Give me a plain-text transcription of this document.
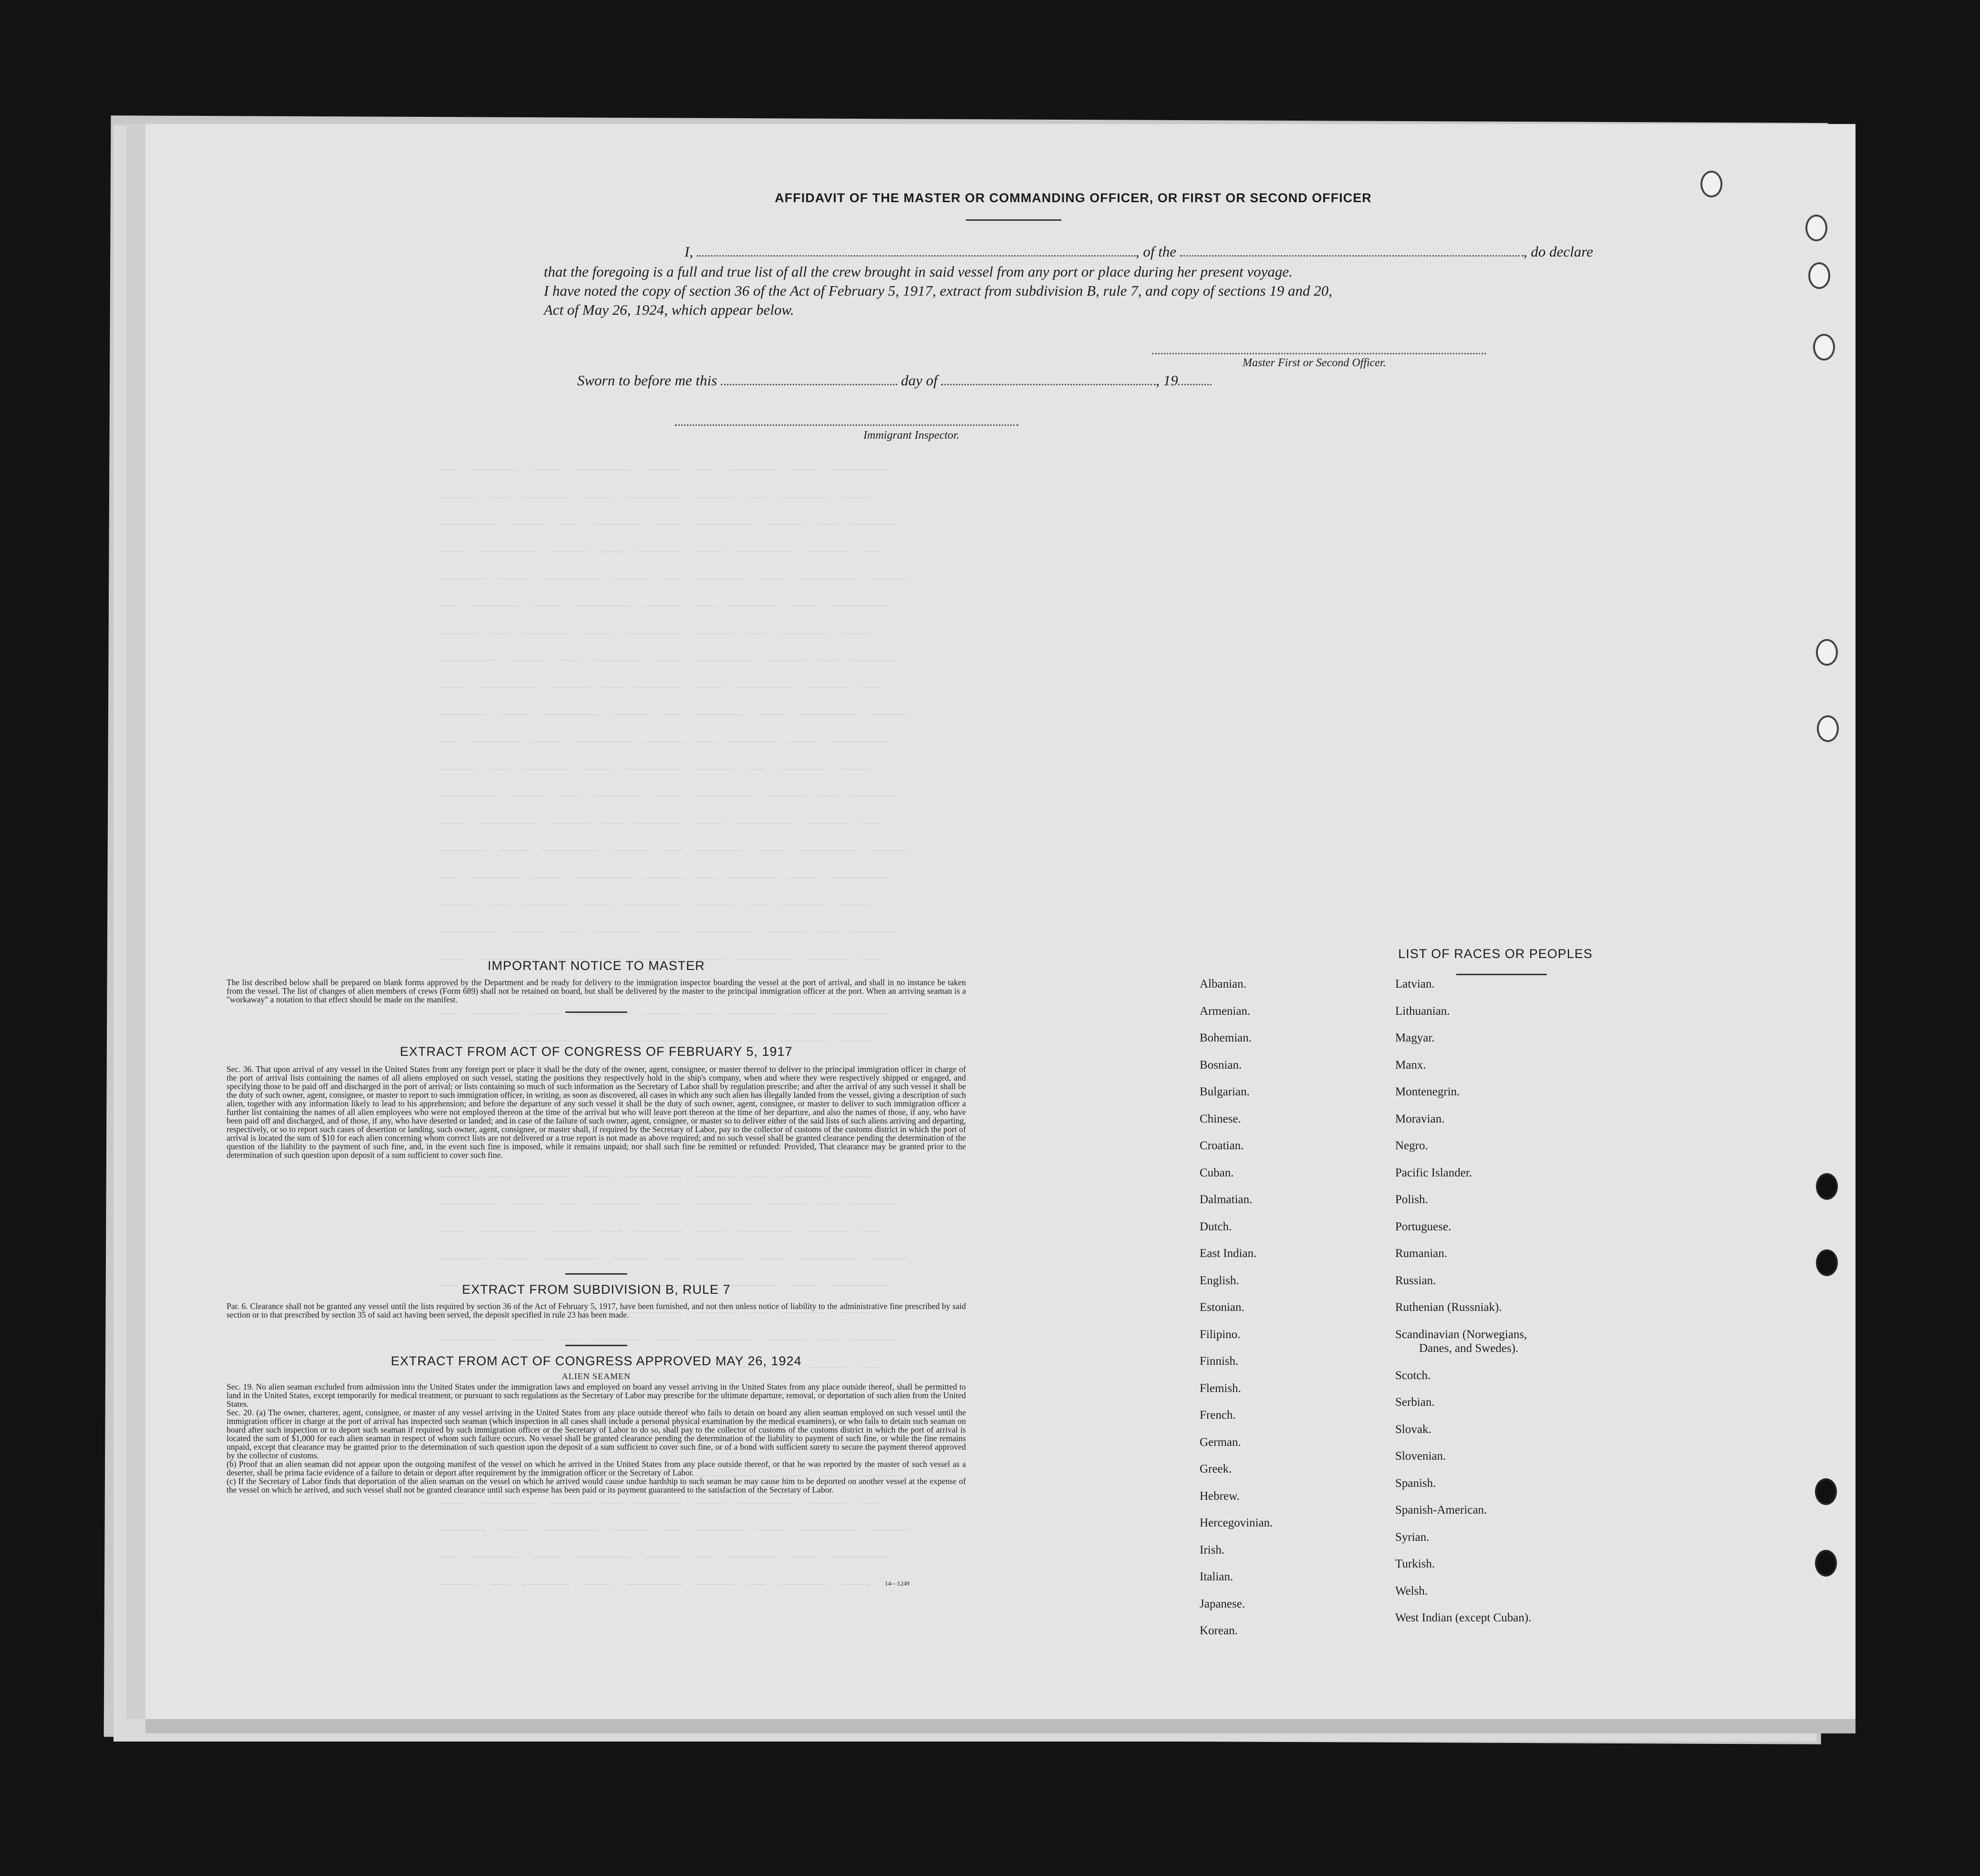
AFFIDAVIT OF THE MASTER OR COMMANDING OFFICER, OR FIRST OR SECOND OFFICER
I,	, of the	, do declare
that the foregoing is a full and true list of all the crew brought in said vessel from any port or place during her present voyage.
I have noted the copy of section 36 of the Act of February 5, 1917, extract from subdivision B, rule 7, and copy of sections 19 and 20,
Act of May 26, 1924, which appear below.
Master First or Second Officer.
Sworn to before me this	day of	, 19
Immigrant Inspector.
IMPORTANT NOTICE TO MASTER

The list described below shall be prepared on blank forms approved by the Department and be ready for delivery to the immigration inspector boarding the vessel at the port of arrival, and shall in no instance be taken from the vessel. The list of changes of alien members of crews (Form 689) shall not be retained on board, but shall be delivered by the master to the principal immigration officer at the port. When an arriving seaman is a "workaway" a notation to that effect should be made on the manifest.

EXTRACT FROM ACT OF CONGRESS OF FEBRUARY 5, 1917

Sec. 36. That upon arrival of any vessel in the United States from any foreign port or place it shall be the duty of the owner, agent, consignee, or master thereof to deliver to the principal immigration officer in charge of the port of arrival lists containing the names of all aliens employed on such vessel, stating the positions they respectively hold in the ship's company, when and where they were respectively shipped or engaged, and specifying those to be paid off and discharged in the port of arrival; or lists containing so much of such information as the Secretary of Labor shall by regulation prescribe; and after the arrival of any such vessel it shall be the duty of such owner, agent, consignee, or master to report to such immigration officer, in writing, as soon as discovered, all cases in which any such alien has illegally landed from the vessel, giving a description of such alien, together with any information likely to lead to his apprehension; and before the departure of any such vessel it shall be the duty of such owner, agent, consignee, or master to deliver to such immigration officer a further list containing the names of all alien employees who were not employed thereon at the time of the arrival but who will leave port thereon at the time of her departure, and also the names of those, if any, who have been paid off and discharged, and of those, if any, who have deserted or landed; and in case of the failure of such owner, agent, consignee, or master so to deliver either of the said lists of such aliens arriving and departing, respectively, or so to report such cases of desertion or landing, such owner, agent, consignee, or master shall, if required by the Secretary of Labor, pay to the collector of customs of the customs district in which the port of arrival is located the sum of $10 for each alien concerning whom correct lists are not delivered or a true report is not made as above required; and no such vessel shall be granted clearance pending the determination of the question of the liability to the payment of such fine, and, in the event such fine is imposed, while it remains unpaid; nor shall such fine be remitted or refunded: Provided, That clearance may be granted prior to the determination of such question upon deposit of a sum sufficient to cover such fine.

EXTRACT FROM SUBDIVISION B, RULE 7

Par. 6. Clearance shall not be granted any vessel until the lists required by section 36 of the Act of February 5, 1917, have been furnished, and not then unless notice of liability to the administrative fine prescribed by said section or to that prescribed by section 35 of said act having been served, the deposit specified in rule 23 has been made.

EXTRACT FROM ACT OF CONGRESS APPROVED MAY 26, 1924
ALIEN SEAMEN

Sec. 19. No alien seaman excluded from admission into the United States under the immigration laws and employed on board any vessel arriving in the United States from any place outside thereof, shall be permitted to land in the United States, except temporarily for medical treatment, or pursuant to such regulations as the Secretary of Labor may prescribe for the ultimate departure, removal, or deportation of such alien from the United States.

Sec. 20. (a) The owner, charterer, agent, consignee, or master of any vessel arriving in the United States from any place outside thereof who fails to detain on board any alien seaman employed on such vessel until the immigration officer in charge at the port of arrival has inspected such seaman (which inspection in all cases shall include a personal physical examination by the medical examiners), or who fails to detain such seaman on board after such inspection or to deport such seaman if required by such immigration officer or the Secretary of Labor to do so, shall pay to the collector of customs of the customs district in which the port of arrival is located the sum of $1,000 for each alien seaman in respect of whom such failure occurs. No vessel shall be granted clearance pending the determination of the liability to payment of such fine, or while the fine remains unpaid, except that clearance may be granted prior to the determination of such question upon the deposit of a sum sufficient to cover such fine, or of a bond with sufficient surety to secure the payment thereof approved by the collector of customs.

(b) Proof that an alien seaman did not appear upon the outgoing manifest of the vessel on which he arrived in the United States from any place outside thereof, or that he was reported by the master of such vessel as a deserter, shall be prima facie evidence of a failure to detain or deport after requirement by the immigration officer or the Secretary of Labor.

(c) If the Secretary of Labor finds that deportation of the alien seaman on the vessel on which he arrived would cause undue hardship to such seaman he may cause him to be deported on another vessel at the expense of the vessel on which he arrived, and such vessel shall not be granted clearance until such expense has been paid or its payment guaranteed to the satisfaction of the Secretary of Labor.

14—1249
LIST OF RACES OR PEOPLES
Albanian.
Armenian.
Bohemian.
Bosnian.
Bulgarian.
Chinese.
Croatian.
Cuban.
Dalmatian.
Dutch.
East Indian.
English.
Estonian.
Filipino.
Finnish.
Flemish.
French.
German.
Greek.
Hebrew.
Hercegovinian.
Irish.
Italian.
Japanese.
Korean.
Latvian.
Lithuanian.
Magyar.
Manx.
Montenegrin.
Moravian.
Negro.
Pacific Islander.
Polish.
Portuguese.
Rumanian.
Russian.
Ruthenian (Russniak).
Scandinavian (Norwegians,
Danes, and Swedes).
Scotch.
Serbian.
Slovak.
Slovenian.
Spanish.
Spanish-American.
Syrian.
Turkish.
Welsh.
West Indian (except Cuban).
